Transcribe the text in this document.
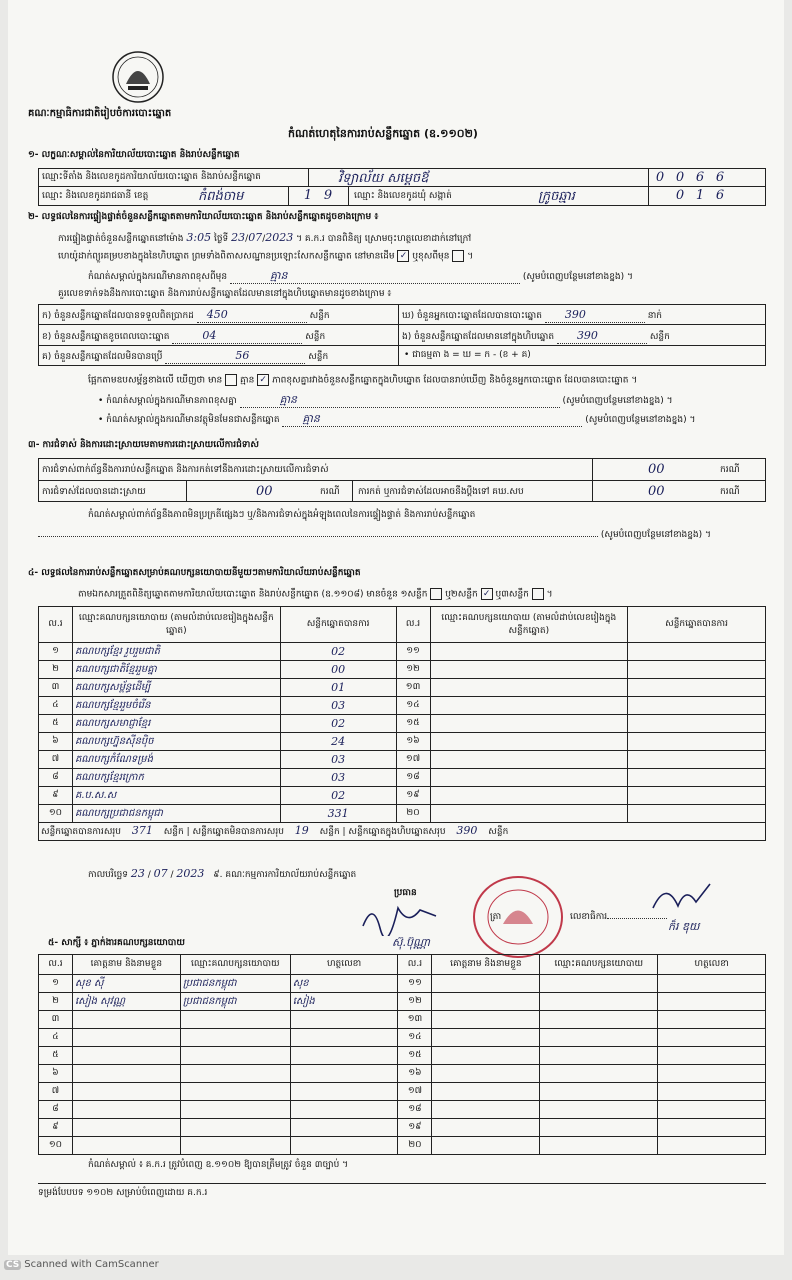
គណៈកម្មាធិការជាតិរៀបចំការបោះឆ្នោត
កំណត់ហេតុនៃការរាប់សន្លឹកឆ្នោត (ឧ.១១០២)
១- លក្ខណៈសម្គាល់នៃការិយាល័យបោះឆ្នោត និងរាប់សន្លឹកឆ្នោត
ឈ្មោះទីតាំង និងលេខកូដការិយាល័យបោះឆ្នោត និងរាប់សន្លឹកឆ្នោត	វិទ្យាល័យ សម្តេចឪ	0 0 6 6
ឈ្មោះ និងលេខកូដរាជធានី ខេត្ត	កំពង់ចាម	1 9	ឈ្មោះ និងលេខកូដឃុំ សង្កាត់	ក្រូចឆ្មារ	0 1 6
២- លទ្ធផលនៃការផ្ទៀងផ្ទាត់ចំនួនសន្លឹកឆ្នោតតាមការិយាល័យបោះឆ្នោត និងរាប់សន្លឹកឆ្នោតដូចខាងក្រោម ៖
ការផ្ទៀងផ្ទាត់ចំនួនសន្លឹកឆ្នោតនៅម៉ោង 3:05 ថ្ងៃទី 23/07/2023 ។ គ.ក.រ បានពិនិត្យ ស្រោមចុះហត្ថលេខាដាក់នៅក្រៅ
ហេយ៉ូដាក់ព្យួរគម្របខាងក្នុងនៃហិបឆ្នោត ព្រមទាំងពិតាសសណ្ឋានប្រឡោះសែកសន្លឹកឆ្នោត នៅមានដើម ✓ ឬខុសពីមុន  ។
កំណត់សម្គាល់ក្នុងករណីមានភាពខុសពីមុន	គ្មាន	(សូមបំពេញបន្ថែមនៅខាងខ្នង) ។
គួរលេខទាក់ទងនឹងការបោះឆ្នោត និងការរាប់សន្លឹកឆ្នោតដែលមាននៅក្នុងហិបឆ្នោតមានដូចខាងក្រោម ៖
ក) ចំនួនសន្លឹកឆ្នោតដែលបានទទួលពិតប្រាកដ 450	សន្លឹក	ឃ) ចំនួនអ្នកបោះឆ្នោតដែលបានបោះឆ្នោត 390	នាក់
ខ) ចំនួនសន្លឹកឆ្នោតខូចពេលបោះឆ្នោត	04	សន្លឹក	ង) ចំនួនសន្លឹកឆ្នោតដែលមាននៅក្នុងហិបឆ្នោត 390	សន្លឹក
គ) ចំនួនសន្លឹកឆ្នោតដែលមិនបានប្រើ	56	សន្លឹក	• ជាធម្មតា ង = ឃ = ក - (ខ + គ)
ផ្អែកតាមឧបសម្ព័ន្ធខាងលើ ឃើញថា មាន គ្មាន ✓ ភាពខុសគ្នារវាងចំនួនសន្លឹកឆ្នោតក្នុងហិបឆ្នោត ដែលបានរាប់ឃើញ និងចំនួនអ្នកបោះឆ្នោត ដែលបានបោះឆ្នោត ។
• កំណត់សម្គាល់ក្នុងករណីមានភាពខុសគ្នា	គ្មាន	(សូមបំពេញបន្ថែមនៅខាងខ្នង) ។
• កំណត់សម្គាល់ក្នុងករណីមានវត្ថុមិនមែនជាសន្លឹកឆ្នោត គ្មាន	(សូមបំពេញបន្ថែមនៅខាងខ្នង) ។
៣- ការជំទាស់ និងការដោះស្រាយមេតាមការដោះស្រាយលើការជំទាស់
ការជំទាស់ពាក់ព័ន្ធនឹងការរាប់សន្លឹកឆ្នោត និងការកត់ទៅនឹងការដោះស្រាយលើការជំទាស់	00	ករណី
ការជំទាស់ដែលបានដោះស្រាយ	00	ករណី ការកត់ ឬការជំទាស់ដែលអាចនឹងប្ដឹងទៅ គឃ.សប	00	ករណី
កំណត់សម្គាល់ពាក់ព័ន្ធនឹងភាពមិនប្រក្រតីផ្សេងៗ ឬ/និងការជំទាស់ក្នុងអំឡុងពេលនៃការផ្ទៀងផ្ទាត់ និងការរាប់សន្លឹកឆ្នោត
(សូមបំពេញបន្ថែមនៅខាងខ្នង) ។
៤- លទ្ធផលនៃការរាប់សន្លឹកឆ្នោតសម្រាប់គណបក្សនយោបាយនីមួយៗតាមការិយាល័យរាប់សន្លឹកឆ្នោត
តាមឯកសារត្រួតពិនិត្យឆ្នោតតាមការិយាល័យបោះឆ្នោត និងរាប់សន្លឹកឆ្នោត (ឧ.១១០៨) មានចំនួន ១សន្លឹក ឬ២សន្លឹក ✓ ឬ៣សន្លឹក  ។
ល.រ	ឈ្មោះគណបក្សនយោបាយ (តាមលំដាប់លេខរៀងក្នុងសន្លឹកឆ្នោត)	សន្លឹកឆ្នោតបានការ	ល.រ	ឈ្មោះគណបក្សនយោបាយ (តាមលំដាប់លេខរៀងក្នុងសន្លឹកឆ្នោត)	សន្លឹកឆ្នោតបានការ
១	គណបក្សខ្មែរ រួបរួមជាតិ	02	១១		
២	គណបក្សជាតិខ្មែររួមគ្នា	00	១២		
៣	គណបក្សសម្ព័ន្ធដើម្បី	01	១៣		
៤	គណបក្សខ្មែររួមចំរើន	03	១៤		
៥	គណបក្សសមាជ្ញាខ្មែរ	02	១៥		
៦	គណបក្សហ្វ៊ុនស៊ីនប៉ិច	24	១៦		
៧	គណបក្សកំណែទម្រង់	03	១៧		
៨	គណបក្សខ្មែរក្រោក	03	១៨		
៩	គ.ប.ស.ស	02	១៩		
១០	គណបក្សប្រជាជនកម្ពុជា	331	២០		
សន្លឹកឆ្នោតបានការសរុប 371 សន្លឹក | សន្លឹកឆ្នោតមិនបានការសរុប 19 សន្លឹក | សន្លឹកឆ្នោតក្នុងហិបឆ្នោតសរុប 390 សន្លឹក					
កាលបរិច្ឆេទ 23 / 07 / 2023 ៩. គណៈកម្មការការិយាល័យរាប់សន្លឹកឆ្នោត
ប្រធាន
ស៊ុ.ប៊ុណ្ណា
ត្រា	លេខាធិការ
ក៏រ ឌុយ
៥- សាក្សី ៖ ភ្នាក់ងារគណបក្សនយោបាយ
ល.រ	គោត្តនាម និងនាមខ្លួន	ឈ្មោះគណបក្សនយោបាយ	ហត្ថលេខា	ល.រ	គោត្តនាម និងនាមខ្លួន	ឈ្មោះគណបក្សនយោបាយ	ហត្ថលេខា
១	សុខ ស៊ី	ប្រជាជនកម្ពុជា	សុខ	១១			
២	សៀង សុវណ្ណ	ប្រជាជនកម្ពុជា	សៀង	១២			
៣				១៣			
៤				១៤			
៥				១៥			
៦				១៦			
៧				១៧			
៨				១៨			
៩				១៩			
១០				២០			
កំណត់សម្គាល់ ៖ គ.ក.រ ត្រូវបំពេញ ឧ.១១០២ ឱ្យបានត្រឹមត្រូវ ចំនួន ៣ច្បាប់ ។
ទម្រង់បែបបទ ១១០២ សម្រាប់បំពេញដោយ គ.ក.រ
CS Scanned with CamScanner
